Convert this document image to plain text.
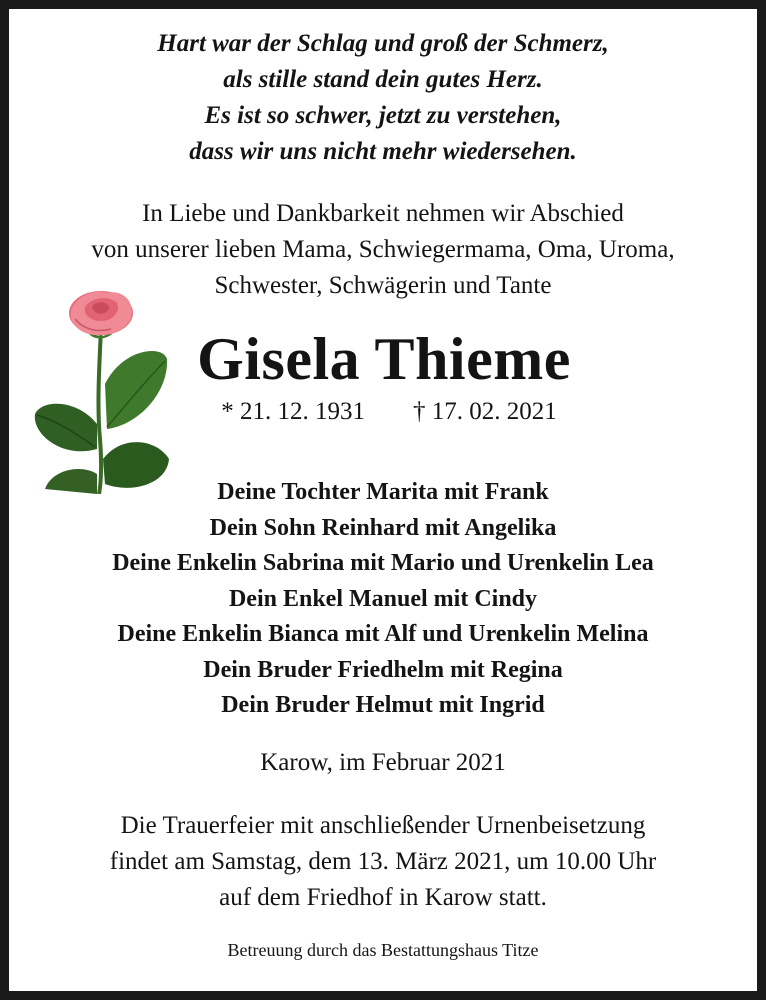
Hart war der Schlag und groß der Schmerz,
als stille stand dein gutes Herz.
Es ist so schwer, jetzt zu verstehen,
dass wir uns nicht mehr wiedersehen.
In Liebe und Dankbarkeit nehmen wir Abschied
von unserer lieben Mama, Schwiegermama, Oma, Uroma,
Schwester, Schwägerin und Tante
Gisela Thieme
* 21. 12. 1931 † 17. 02. 2021
Deine Tochter Marita mit Frank
Dein Sohn Reinhard mit Angelika
Deine Enkelin Sabrina mit Mario und Urenkelin Lea
Dein Enkel Manuel mit Cindy
Deine Enkelin Bianca mit Alf und Urenkelin Melina
Dein Bruder Friedhelm mit Regina
Dein Bruder Helmut mit Ingrid
Karow, im Februar 2021
Die Trauerfeier mit anschließender Urnenbeisetzung
findet am Samstag, dem 13. März 2021, um 10.00 Uhr
auf dem Friedhof in Karow statt.
Betreuung durch das Bestattungshaus Titze
